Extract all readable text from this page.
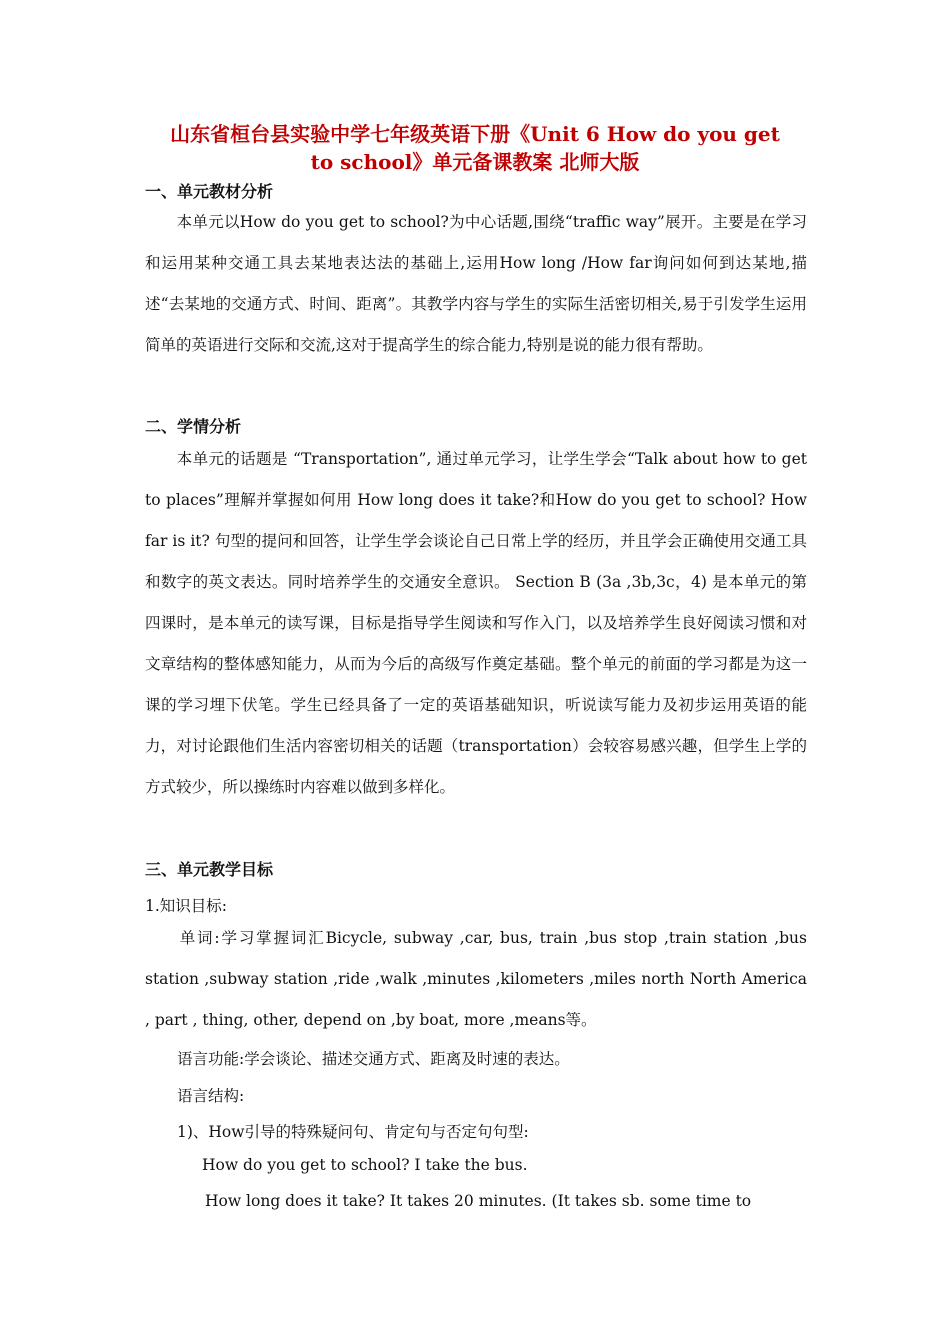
山东省桓台县实验中学七年级英语下册《Unit 6 How do you get
to school》单元备课教案 北师大版
一、单元教材分析

　　本单元以How do you get to school?为中心话题,围绕“traffic way”展开。主要是在学习和运用某种交通工具去某地表达法的基础上,运用How long /How far询问如何到达某地,描述“去某地的交通方式、时间、距离”。其教学内容与学生的实际生活密切相关,易于引发学生运用简单的英语进行交际和交流,这对于提高学生的综合能力,特别是说的能力很有帮助。

二、学情分析

　　本单元的话题是 “Transportation”, 通过单元学习，让学生学会“Talk about how to get to places”理解并掌握如何用 How long does it take?和How do you get to school? How far is it? 句型的提问和回答，让学生学会谈论自己日常上学的经历，并且学会正确使用交通工具和数字的英文表达。同时培养学生的交通安全意识。 Section B (3a ,3b,3c，4) 是本单元的第四课时，是本单元的读写课，目标是指导学生阅读和写作入门，以及培养学生良好阅读习惯和对文章结构的整体感知能力，从而为今后的高级写作奠定基础。整个单元的前面的学习都是为这一课的学习埋下伏笔。学生已经具备了一定的英语基础知识，听说读写能力及初步运用英语的能力，对讨论跟他们生活内容密切相关的话题（transportation）会较容易感兴趣，但学生上学的方式较少，所以操练时内容难以做到多样化。

三、单元教学目标
1.知识目标:

　　单词:学习掌握词汇Bicycle, subway ,car, bus, train ,bus stop ,train station ,bus station ,subway station ,ride ,walk ,minutes ,kilometers ,miles north North America , part , thing, other, depend on ,by boat, more ,means等。

语言功能:学会谈论、描述交通方式、距离及时速的表达。
语言结构:
1)、How引导的特殊疑问句、肯定句与否定句句型:
How do you get to school? I take the bus.
How long does it take? It takes 20 minutes. (It takes sb. some time to
